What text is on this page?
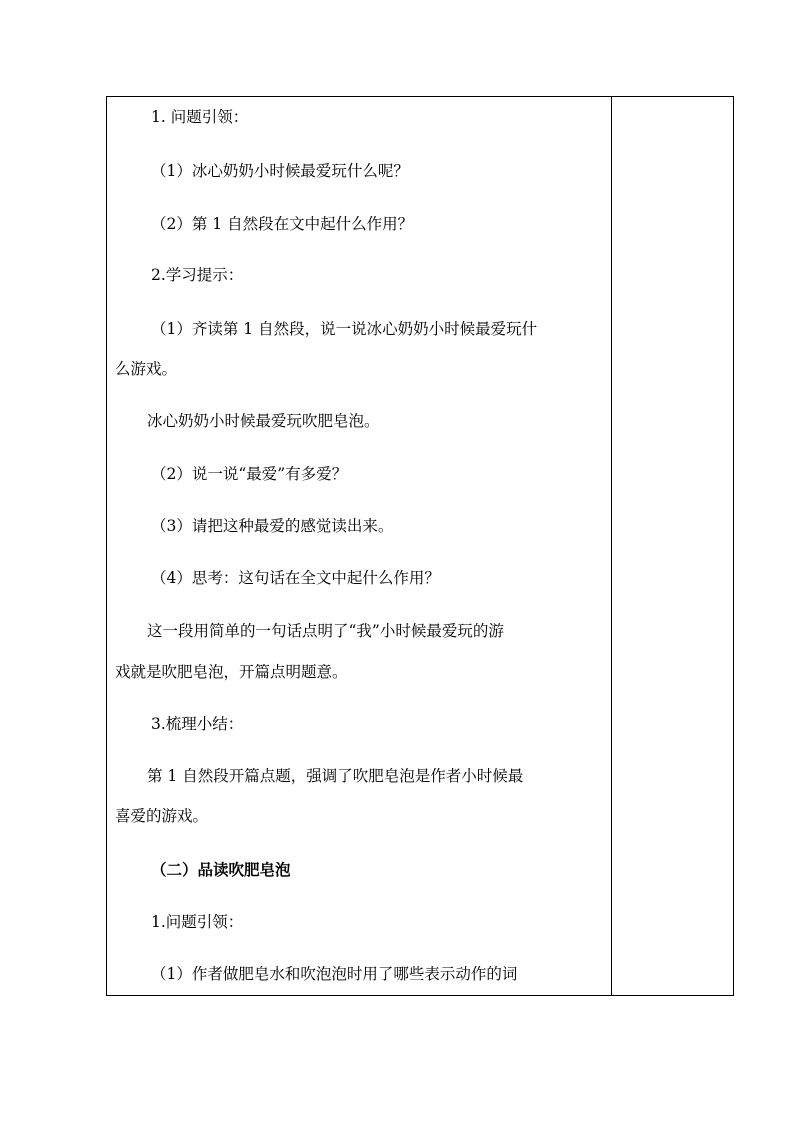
1. 问题引领：
（1）冰心奶奶小时候最爱玩什么呢？
（2）第 1 自然段在文中起什么作用？
2.学习提示：
（1）齐读第 1 自然段，说一说冰心奶奶小时候最爱玩什
么游戏。
冰心奶奶小时候最爱玩吹肥皂泡。
（2）说一说“最爱”有多爱？
（3）请把这种最爱的感觉读出来。
（4）思考：这句话在全文中起什么作用？
这一段用简单的一句话点明了“我”小时候最爱玩的游
戏就是吹肥皂泡，开篇点明题意。
3.梳理小结：
第 1 自然段开篇点题，强调了吹肥皂泡是作者小时候最
喜爱的游戏。
（二）品读吹肥皂泡
1.问题引领：
（1）作者做肥皂水和吹泡泡时用了哪些表示动作的词
